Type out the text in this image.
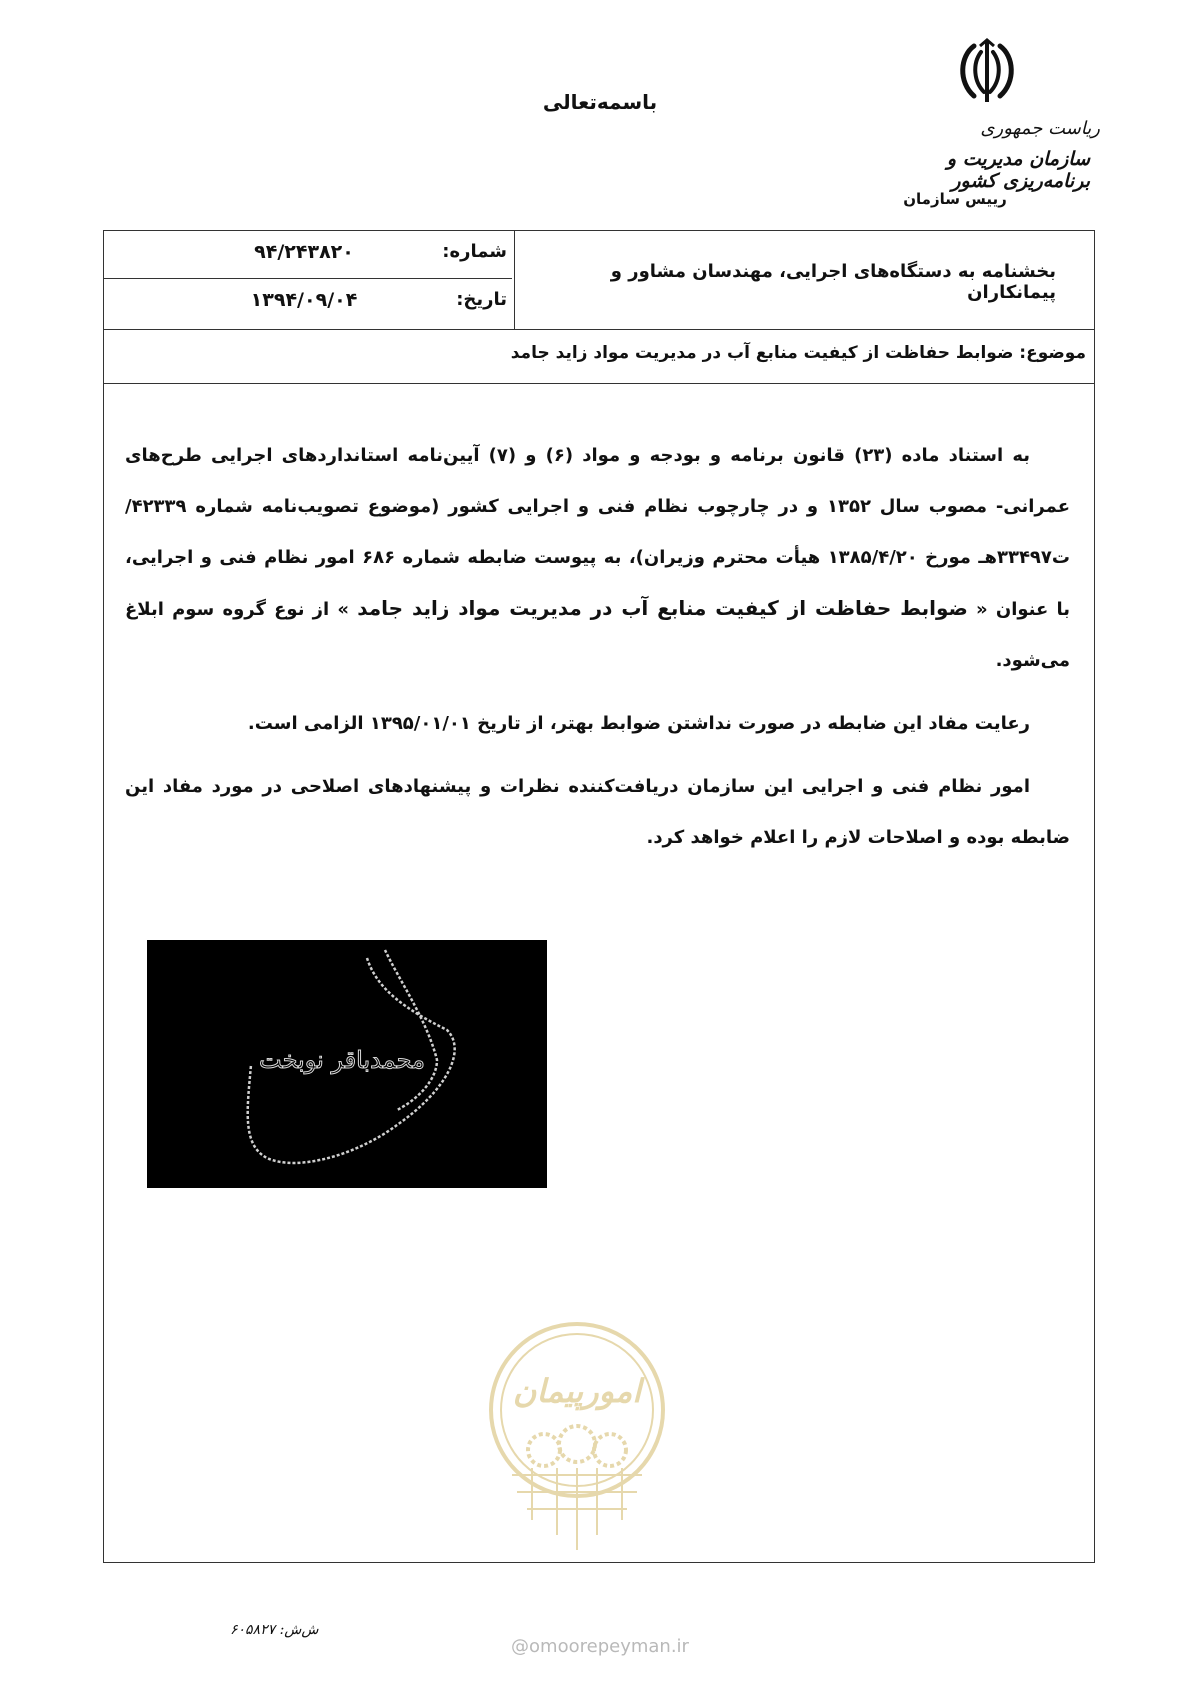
باسمه‌تعالی
ریاست جمهوری
سازمان مدیریت و برنامه‌ریزی کشور
رییس سازمان
شماره:
۹۴/۲۴۳۸۲۰
تاریخ:
۱۳۹۴/۰۹/۰۴
بخشنامه به دستگاه‌های اجرایی، مهندسان مشاور و پیمانکاران
موضوع: ضوابط حفاظت از کیفیت منابع آب در مدیریت مواد زاید جامد

به استناد ماده (۲۳) قانون برنامه و بودجه و مواد (۶) و (۷) آیین‌نامه استانداردهای اجرایی طرح‌های عمرانی- مصوب سال ۱۳۵۲ و در چارچوب نظام فنی و اجرایی کشور (موضوع تصویب‌نامه شماره ۴۲۳۳۹/ت۳۳۴۹۷هـ مورخ ۱۳۸۵/۴/۲۰ هیأت محترم وزیران)، به پیوست ضابطه شماره ۶۸۶ امور نظام فنی و اجرایی، با عنوان « ضوابط حفاظت از کیفیت منابع آب در مدیریت مواد زاید جامد » از نوع گروه سوم ابلاغ می‌شود.

رعایت مفاد این ضابطه در صورت نداشتن ضوابط بهتر، از تاریخ ۱۳۹۵/۰۱/۰۱ الزامی است.

امور نظام فنی و اجرایی این سازمان دریافت‌کننده نظرات و پیشنهادهای اصلاحی در مورد مفاد این ضابطه بوده و اصلاحات لازم را اعلام خواهد کرد.

محمدباقر نوبخت
امورپیمان
ش‌ش: ۶۰۵۸۲۷
@omoorepeyman.ir
